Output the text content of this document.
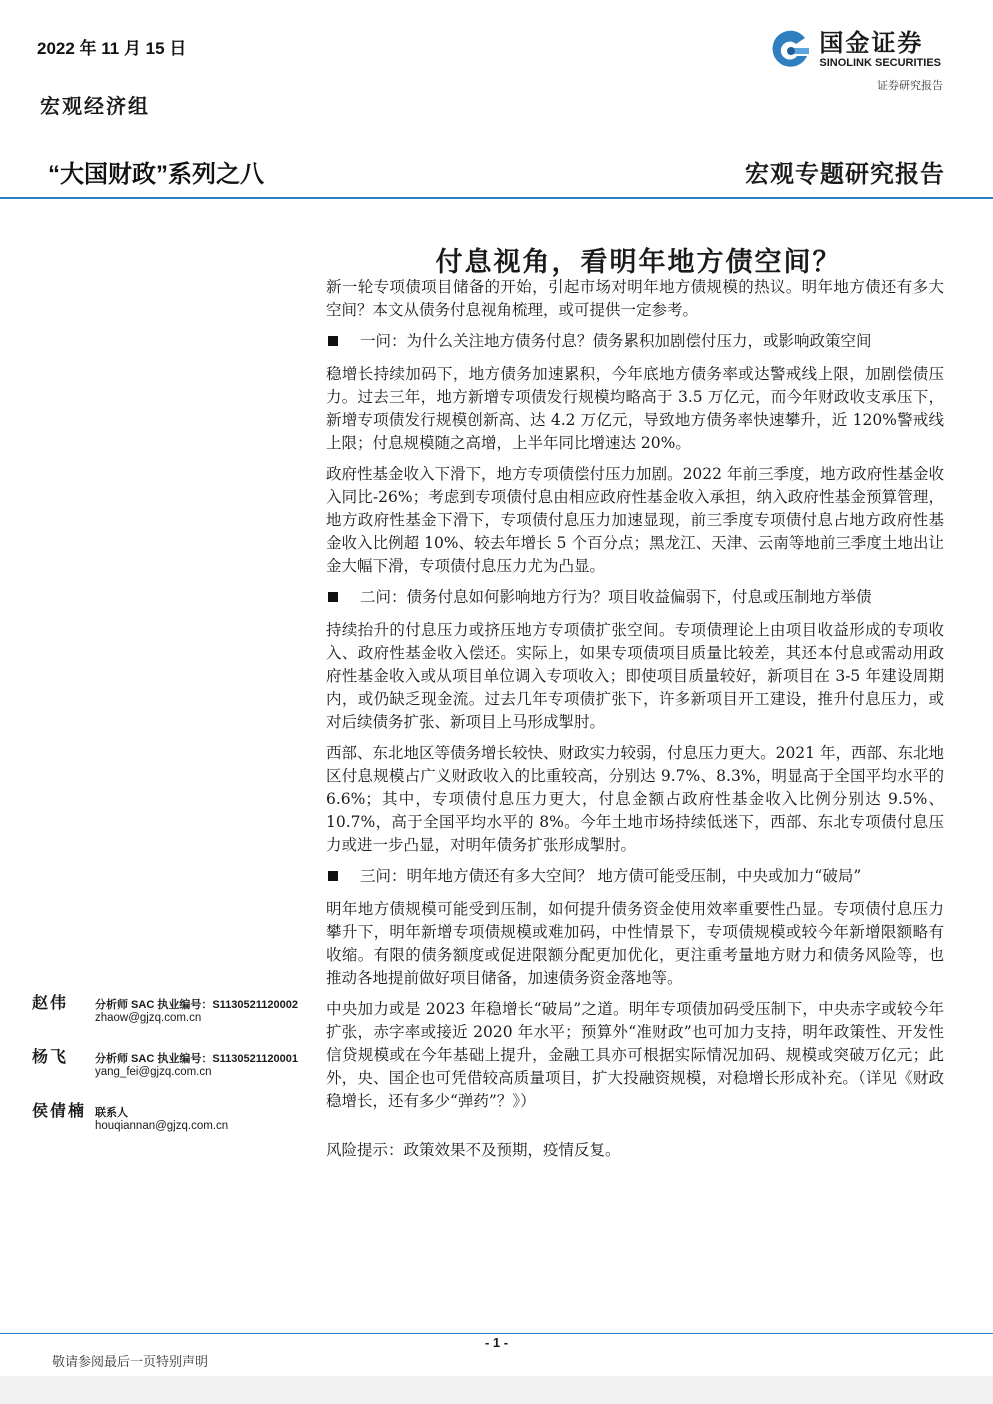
2022 年 11 月 15 日
宏观经济组
“大国财政”系列之八	宏观专题研究报告
国金证券
SINOLINK SECURITIES
证券研究报告
付息视角，看明年地方债空间？

新一轮专项债项目储备的开始，引起市场对明年地方债规模的热议。明年地方债还有多大空间？本文从债务付息视角梳理，或可提供一定参考。

一问：为什么关注地方债务付息？债务累积加剧偿付压力，或影响政策空间

稳增长持续加码下，地方债务加速累积，今年底地方债务率或达警戒线上限，加剧偿债压力。过去三年，地方新增专项债发行规模均略高于 3.5 万亿元，而今年财政收支承压下，新增专项债发行规模创新高、达 4.2 万亿元，导致地方债务率快速攀升，近 120%警戒线上限；付息规模随之高增，上半年同比增速达 20%。

政府性基金收入下滑下，地方专项债偿付压力加剧。2022 年前三季度，地方政府性基金收入同比-26%；考虑到专项债付息由相应政府性基金收入承担，纳入政府性基金预算管理，地方政府性基金下滑下，专项债付息压力加速显现，前三季度专项债付息占地方政府性基金收入比例超 10%、较去年增长 5 个百分点；黑龙江、天津、云南等地前三季度土地出让金大幅下滑，专项债付息压力尤为凸显。

二问：债务付息如何影响地方行为？项目收益偏弱下，付息或压制地方举债

持续抬升的付息压力或挤压地方专项债扩张空间。专项债理论上由项目收益形成的专项收入、政府性基金收入偿还。实际上，如果专项债项目质量比较差，其还本付息或需动用政府性基金收入或从项目单位调入专项收入；即使项目质量较好，新项目在 3-5 年建设周期内，或仍缺乏现金流。过去几年专项债扩张下，许多新项目开工建设，推升付息压力，或对后续债务扩张、新项目上马形成掣肘。

西部、东北地区等债务增长较快、财政实力较弱，付息压力更大。2021 年，西部、东北地区付息规模占广义财政收入的比重较高，分别达 9.7%、8.3%，明显高于全国平均水平的 6.6%；其中，专项债付息压力更大，付息金额占政府性基金收入比例分别达 9.5%、10.7%，高于全国平均水平的 8%。今年土地市场持续低迷下，西部、东北专项债付息压力或进一步凸显，对明年债务扩张形成掣肘。

三问：明年地方债还有多大空间？ 地方债可能受压制，中央或加力“破局”

明年地方债规模可能受到压制，如何提升债务资金使用效率重要性凸显。专项债付息压力攀升下，明年新增专项债规模或难加码，中性情景下，专项债规模或较今年新增限额略有收缩。有限的债务额度或促进限额分配更加优化，更注重考量地方财力和债务风险等，也推动各地提前做好项目储备，加速债务资金落地等。

中央加力或是 2023 年稳增长“破局”之道。明年专项债加码受压制下，中央赤字或较今年扩张，赤字率或接近 2020 年水平；预算外“准财政”也可加力支持，明年政策性、开发性信贷规模或在今年基础上提升，金融工具亦可根据实际情况加码、规模或突破万亿元；此外，央、国企也可凭借较高质量项目，扩大投融资规模，对稳增长形成补充。（详见《财政稳增长，还有多少“弹药”？》）

风险提示：政策效果不及预期，疫情反复。

赵伟 分析师 SAC 执业编号：S1130521120002
zhaow@gjzq.com.cn
杨飞 分析师 SAC 执业编号：S1130521120001
yang_fei@gjzq.com.cn
侯倩楠 联系人
houqiannan@gjzq.com.cn
- 1 -
敬请参阅最后一页特别声明
